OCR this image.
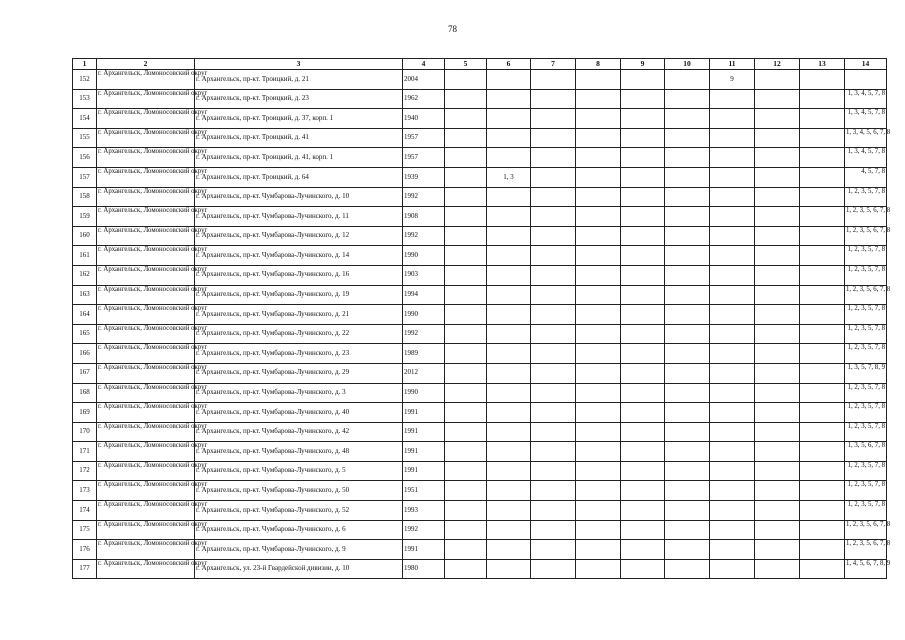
78
1	2	3	4	5	6	7	8	9	10	11	12	13	14
152	г. Архангельск, Ломоносовский округ	г. Архангельск, пр-кт. Троицкий, д. 21	2004							9			
153	г. Архангельск, Ломоносовский округ	г. Архангельск, пр-кт. Троицкий, д. 23	1962										1, 3, 4, 5, 7, 8
154	г. Архангельск, Ломоносовский округ	г. Архангельск, пр-кт. Троицкий, д. 37, корп. 1	1940										1, 3, 4, 5, 7, 8
155	г. Архангельск, Ломоносовский округ	г. Архангельск, пр-кт. Троицкий, д. 41	1957										1, 3, 4, 5, 6, 7, 8
156	г. Архангельск, Ломоносовский округ	г. Архангельск, пр-кт. Троицкий, д. 41, корп. 1	1957										1, 3, 4, 5, 7, 8
157	г. Архангельск, Ломоносовский округ	г. Архангельск, пр-кт. Троицкий, д. 64	1939		1, 3								4, 5, 7, 8
158	г. Архангельск, Ломоносовский округ	г. Архангельск, пр-кт. Чумбарова-Лучинского, д. 10	1992										1, 2, 3, 5, 7, 8
159	г. Архангельск, Ломоносовский округ	г. Архангельск, пр-кт. Чумбарова-Лучинского, д. 11	1908										1, 2, 3, 5, 6, 7, 8
160	г. Архангельск, Ломоносовский округ	г. Архангельск, пр-кт. Чумбарова-Лучинского, д. 12	1992										1, 2, 3, 5, 6, 7, 8
161	г. Архангельск, Ломоносовский округ	г. Архангельск, пр-кт. Чумбарова-Лучинского, д. 14	1990										1, 2, 3, 5, 7, 8
162	г. Архангельск, Ломоносовский округ	г. Архангельск, пр-кт. Чумбарова-Лучинского, д. 16	1903										1, 2, 3, 5, 7, 8
163	г. Архангельск, Ломоносовский округ	г. Архангельск, пр-кт. Чумбарова-Лучинского, д. 19	1994										1, 2, 3, 5, 6, 7, 8
164	г. Архангельск, Ломоносовский округ	г. Архангельск, пр-кт. Чумбарова-Лучинского, д. 21	1990										1, 2, 3, 5, 7, 8
165	г. Архангельск, Ломоносовский округ	г. Архангельск, пр-кт. Чумбарова-Лучинского, д. 22	1992										1, 2, 3, 5, 7, 8
166	г. Архангельск, Ломоносовский округ	г. Архангельск, пр-кт. Чумбарова-Лучинского, д. 23	1989										1, 2, 3, 5, 7, 8
167	г. Архангельск, Ломоносовский округ	г. Архангельск, пр-кт. Чумбарова-Лучинского, д. 29	2012										1, 3, 5, 7, 8, 9
168	г. Архангельск, Ломоносовский округ	г. Архангельск, пр-кт. Чумбарова-Лучинского, д. 3	1990										1, 2, 3, 5, 7, 8
169	г. Архангельск, Ломоносовский округ	г. Архангельск, пр-кт. Чумбарова-Лучинского, д. 40	1991										1, 2, 3, 5, 7, 8
170	г. Архангельск, Ломоносовский округ	г. Архангельск, пр-кт. Чумбарова-Лучинского, д. 42	1991										1, 2, 3, 5, 7, 8
171	г. Архангельск, Ломоносовский округ	г. Архангельск, пр-кт. Чумбарова-Лучинского, д. 48	1991										1, 3, 5, 6, 7, 8
172	г. Архангельск, Ломоносовский округ	г. Архангельск, пр-кт. Чумбарова-Лучинского, д. 5	1991										1, 2, 3, 5, 7, 8
173	г. Архангельск, Ломоносовский округ	г. Архангельск, пр-кт. Чумбарова-Лучинского, д. 50	1951										1, 2, 3, 5, 7, 8
174	г. Архангельск, Ломоносовский округ	г. Архангельск, пр-кт. Чумбарова-Лучинского, д. 52	1993										1, 2, 3, 5, 7, 8
175	г. Архангельск, Ломоносовский округ	г. Архангельск, пр-кт. Чумбарова-Лучинского, д. 6	1992										1, 2, 3, 5, 6, 7, 8
176	г. Архангельск, Ломоносовский округ	г. Архангельск, пр-кт. Чумбарова-Лучинского, д. 9	1991										1, 2, 3, 5, 6, 7, 8
177	г. Архангельск, Ломоносовский округ	г. Архангельск, ул. 23-й Гвардейской дивизии, д. 10	1980										1, 4, 5, 6, 7, 8, 9
